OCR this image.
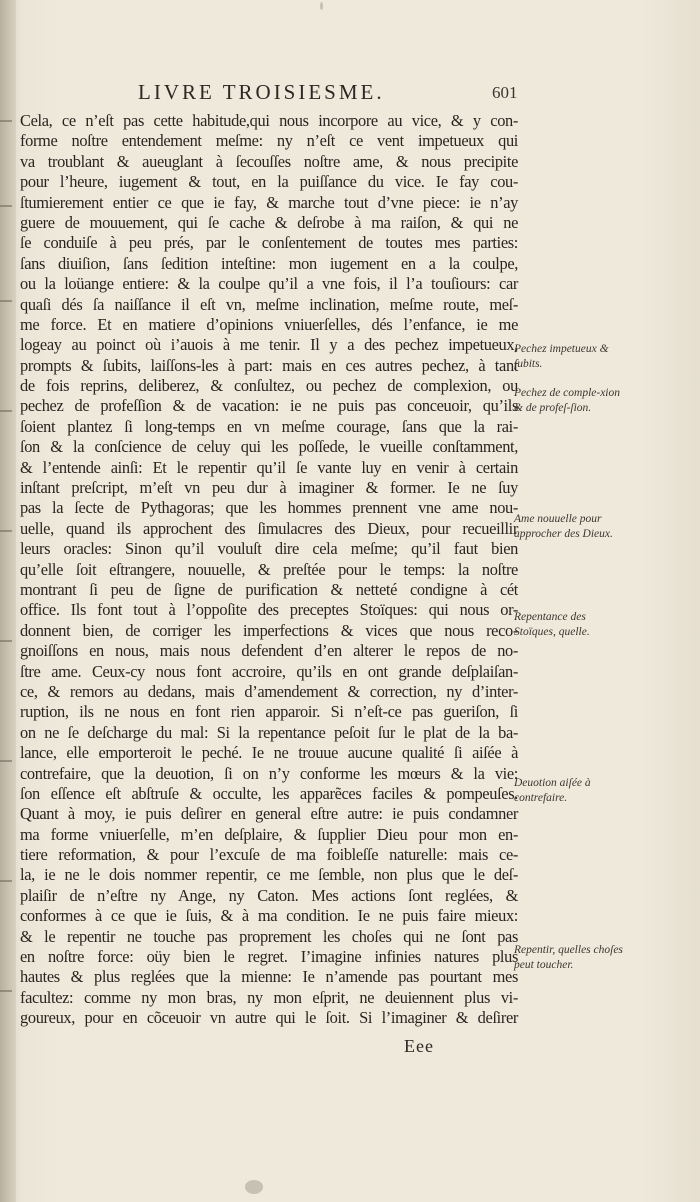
LIVRE TROISIESME.	601
Cela, ce n’eſt pas cette habitude,qui nous incorpore au vice, & y con-
forme noſtre entendement meſme: ny n’eſt ce vent impetueux qui
va troublant & aueuglant à ſecouſſes noſtre ame, & nous precipite
pour l’heure, iugement & tout, en la puiſſance du vice. Ie fay cou-
ſtumierement entier ce que ie fay, & marche tout d’vne piece: ie n’ay
guere de mouuement, qui ſe cache & deſrobe à ma raiſon, & qui ne
ſe conduiſe à peu prés, par le conſentement de toutes mes parties:
ſans diuiſion, ſans ſedition inteſtine: mon iugement en a la coulpe,
ou la loüange entiere: & la coulpe qu’il a vne fois, il l’a touſiours: car
quaſi dés ſa naiſſance il eſt vn, meſme inclination, meſme route, meſ-
me force. Et en matiere d’opinions vniuerſelles, dés l’enfance, ie me
logeay au poinct où i’auois à me tenir. Il y a des pechez impetueux,
prompts & ſubits, laiſſons-les à part: mais en ces autres pechez, à tant
de fois reprins, deliberez, & conſultez, ou pechez de complexion, ou
pechez de profeſſion & de vacation: ie ne puis pas conceuoir, qu’ils
ſoient plantez ſi long-temps en vn meſme courage, ſans que la rai-
ſon & la conſcience de celuy qui les poſſede, le vueille conſtamment,
& l’entende ainſi: Et le repentir qu’il ſe vante luy en venir à certain
inſtant preſcript, m’eſt vn peu dur à imaginer & former. Ie ne ſuy
pas la ſecte de Pythagoras; que les hommes prennent vne ame nou-
uelle, quand ils approchent des ſimulacres des Dieux, pour recueillir
leurs oracles: Sinon qu’il vouluſt dire cela meſme; qu’il faut bien
qu’elle ſoit eſtrangere, nouuelle, & preſtée pour le temps: la noſtre
montrant ſi peu de ſigne de purification & netteté condigne à cét
office. Ils font tout à l’oppoſite des preceptes Stoïques: qui nous or-
donnent bien, de corriger les imperfections & vices que nous reco-
gnoiſſons en nous, mais nous defendent d’en alterer le repos de no-
ſtre ame. Ceux-cy nous font accroire, qu’ils en ont grande deſplaiſan-
ce, & remors au dedans, mais d’amendement & correction, ny d’inter-
ruption, ils ne nous en font rien apparoir. Si n’eſt-ce pas gueriſon, ſi
on ne ſe deſcharge du mal: Si la repentance peſoit ſur le plat de la ba-
lance, elle emporteroit le peché. Ie ne trouue aucune qualité ſi aiſée à
contrefaire, que la deuotion, ſi on n’y conforme les mœurs & la vie:
ſon eſſence eſt abſtruſe & occulte, les apparẽces faciles & pompeuſes.
Quant à moy, ie puis deſirer en general eſtre autre: ie puis condamner
ma forme vniuerſelle, m’en deſplaire, & ſupplier Dieu pour mon en-
tiere reformation, & pour l’excuſe de ma foibleſſe naturelle: mais ce-
la, ie ne le dois nommer repentir, ce me ſemble, non plus que le deſ-
plaiſir de n’eſtre ny Ange, ny Caton. Mes actions ſont reglées, &
conformes à ce que ie ſuis, & à ma condition. Ie ne puis faire mieux:
& le repentir ne touche pas proprement les choſes qui ne ſont pas
en noſtre force: oüy bien le regret. I’imagine infinies natures plus
hautes & plus reglées que la mienne: Ie n’amende pas pourtant mes
facultez: comme ny mon bras, ny mon eſprit, ne deuiennent plus vi-
goureux, pour en cõceuoir vn autre qui le ſoit. Si l’imaginer & deſirer
Pechez impetueux & ſubits.
Pechez de comple-xion & de profeſ-ſion.
Ame nouuelle pour approcher des Dieux.
Repentance des Stoïques, quelle.
Deuotion aiſée à contrefaire.
Repentir, quelles choſes peut toucher.
Eee
